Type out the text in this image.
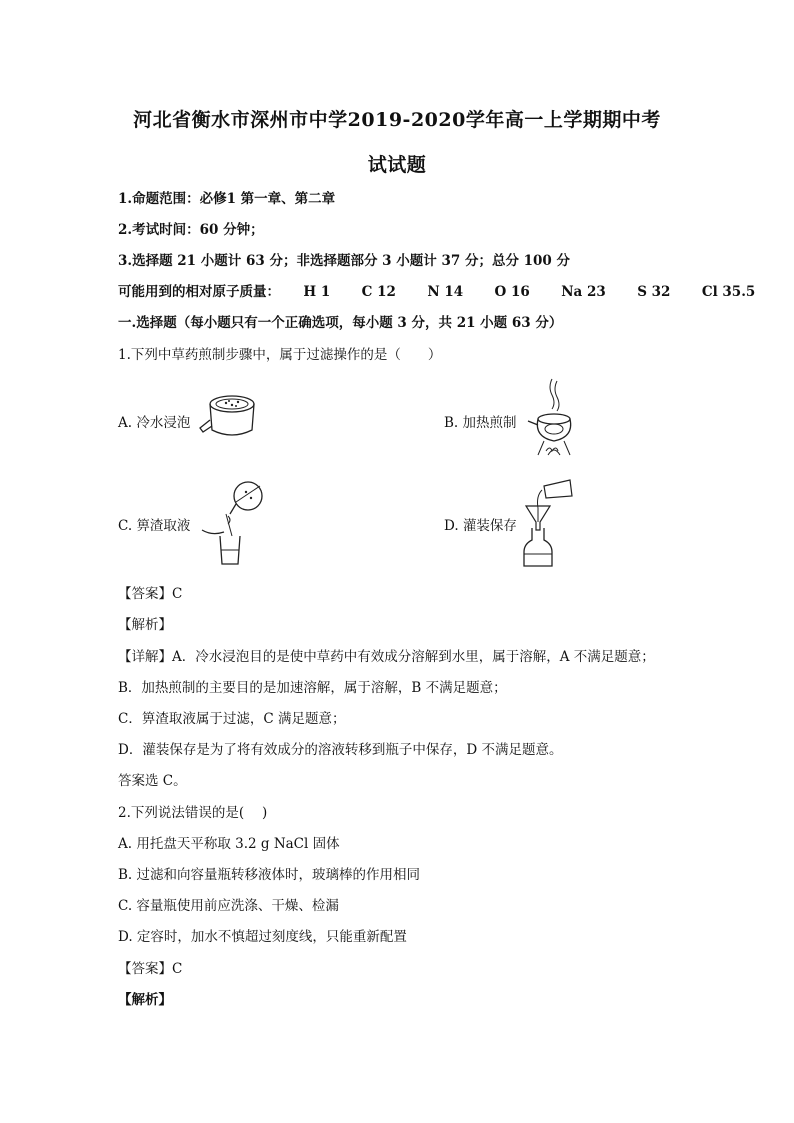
河北省衡水市深州市中学2019-2020学年高一上学期期中考
试试题
1.命题范围：必修1 第一章、第二章
2.考试时间：60 分钟；
3.选择题 21 小题计 63 分；非选择题部分 3 小题计 37 分；总分 100 分
可能用到的相对原子质量： H 1 C 12 N 14 O 16 Na 23 S 32 Cl 35.5
一.选择题（每小题只有一个正确选项，每小题 3 分，共 21 小题 63 分）
1.下列中草药煎制步骤中，属于过滤操作的是（　　）
A. 冷水浸泡	B. 加热煎制
C. 箅渣取液	D. 灌装保存
【答案】C
【解析】
【详解】A．冷水浸泡目的是使中草药中有效成分溶解到水里，属于溶解，A 不满足题意；
B．加热煎制的主要目的是加速溶解，属于溶解，B 不满足题意；
C．箅渣取液属于过滤，C 满足题意；
D．灌装保存是为了将有效成分的溶液转移到瓶子中保存，D 不满足题意。
答案选 C。
2.下列说法错误的是(　 )
A. 用托盘天平称取 3.2 g NaCl 固体
B. 过滤和向容量瓶转移液体时，玻璃棒的作用相同
C. 容量瓶使用前应洗涤、干燥、检漏
D. 定容时，加水不慎超过刻度线，只能重新配置
【答案】C
【解析】
